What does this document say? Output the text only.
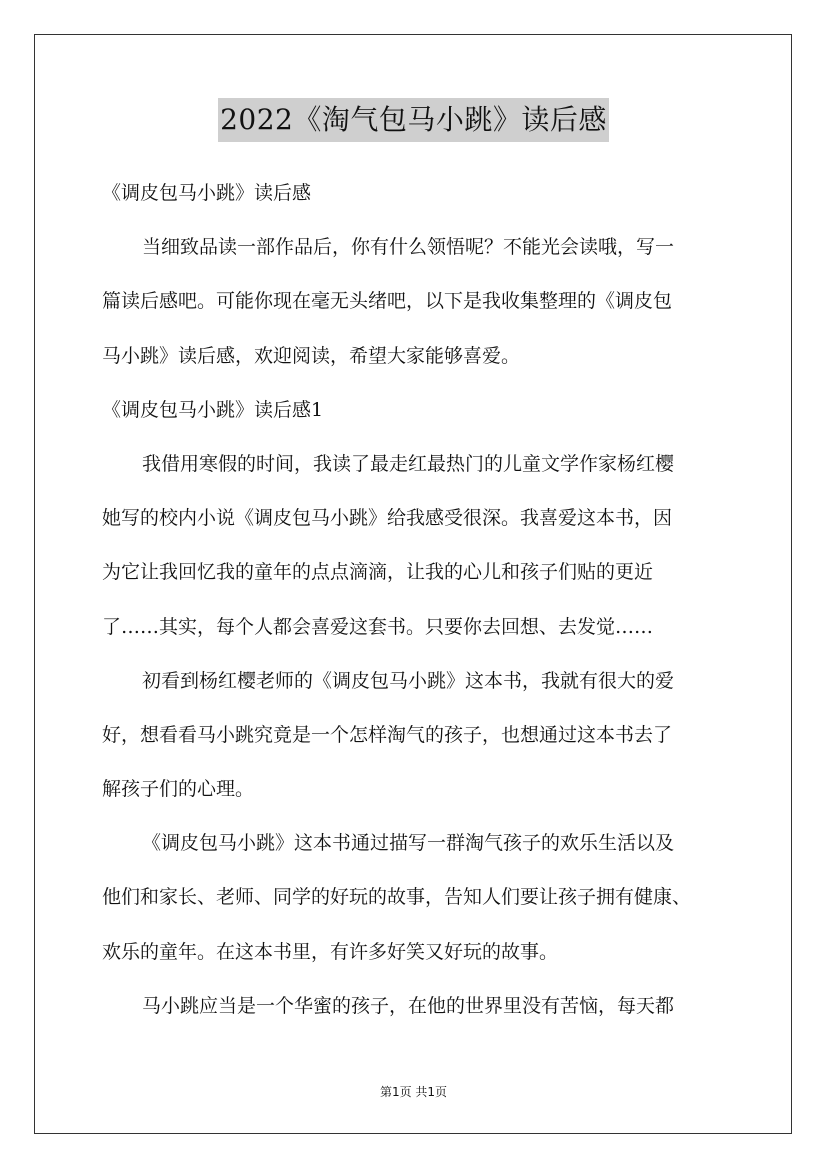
2022《淘气包马小跳》读后感
《调皮包马小跳》读后感
当细致品读一部作品后，你有什么领悟呢？不能光会读哦，写一
篇读后感吧。可能你现在毫无头绪吧，以下是我收集整理的《调皮包
马小跳》读后感，欢迎阅读，希望大家能够喜爱。
《调皮包马小跳》读后感1
我借用寒假的时间，我读了最走红最热门的儿童文学作家杨红樱
她写的校内小说《调皮包马小跳》给我感受很深。我喜爱这本书，因
为它让我回忆我的童年的点点滴滴，让我的心儿和孩子们贴的更近
了……其实，每个人都会喜爱这套书。只要你去回想、去发觉……
初看到杨红樱老师的《调皮包马小跳》这本书，我就有很大的爱
好，想看看马小跳究竟是一个怎样淘气的孩子，也想通过这本书去了
解孩子们的心理。
《调皮包马小跳》这本书通过描写一群淘气孩子的欢乐生活以及
他们和家长、老师、同学的好玩的故事，告知人们要让孩子拥有健康、
欢乐的童年。在这本书里，有许多好笑又好玩的故事。
马小跳应当是一个华蜜的孩子，在他的世界里没有苦恼，每天都
第1页 共1页
